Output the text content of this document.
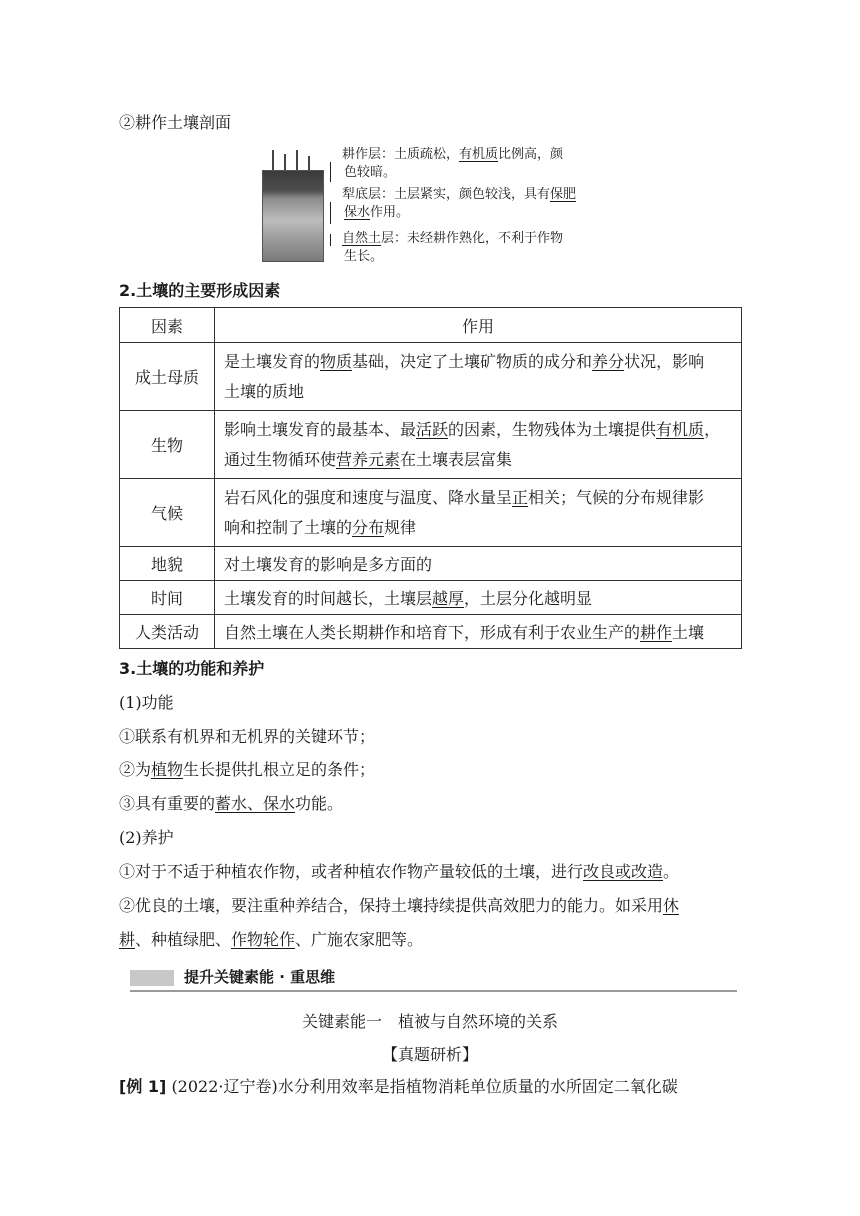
②耕作土壤剖面
耕作层：土质疏松，有机质比例高，颜
色较暗。
犁底层：土层紧实，颜色较浅，具有保肥
保水作用。
自然土层：未经耕作熟化，不利于作物
生长。
2.土壤的主要形成因素
因素	作用
成土母质	是土壤发育的物质基础，决定了土壤矿物质的成分和养分状况，影响
土壤的质地
生物	影响土壤发育的最基本、最活跃的因素，生物残体为土壤提供有机质，
通过生物循环使营养元素在土壤表层富集
气候	岩石风化的强度和速度与温度、降水量呈正相关；气候的分布规律影
响和控制了土壤的分布规律
地貌	对土壤发育的影响是多方面的
时间	土壤发育的时间越长，土壤层越厚，土层分化越明显
人类活动	自然土壤在人类长期耕作和培育下，形成有利于农业生产的耕作土壤
3.土壤的功能和养护
(1)功能
①联系有机界和无机界的关键环节；
②为植物生长提供扎根立足的条件；
③具有重要的蓄水、保水功能。
(2)养护
①对于不适于种植农作物，或者种植农作物产量较低的土壤，进行改良或改造。
②优良的土壤，要注重种养结合，保持土壤持续提供高效肥力的能力。如采用休
耕、种植绿肥、作物轮作、广施农家肥等。
提升关键素能 · 重思维
关键素能一　植被与自然环境的关系
【真题研析】
[例 1] (2022·辽宁卷)水分利用效率是指植物消耗单位质量的水所固定二氧化碳
